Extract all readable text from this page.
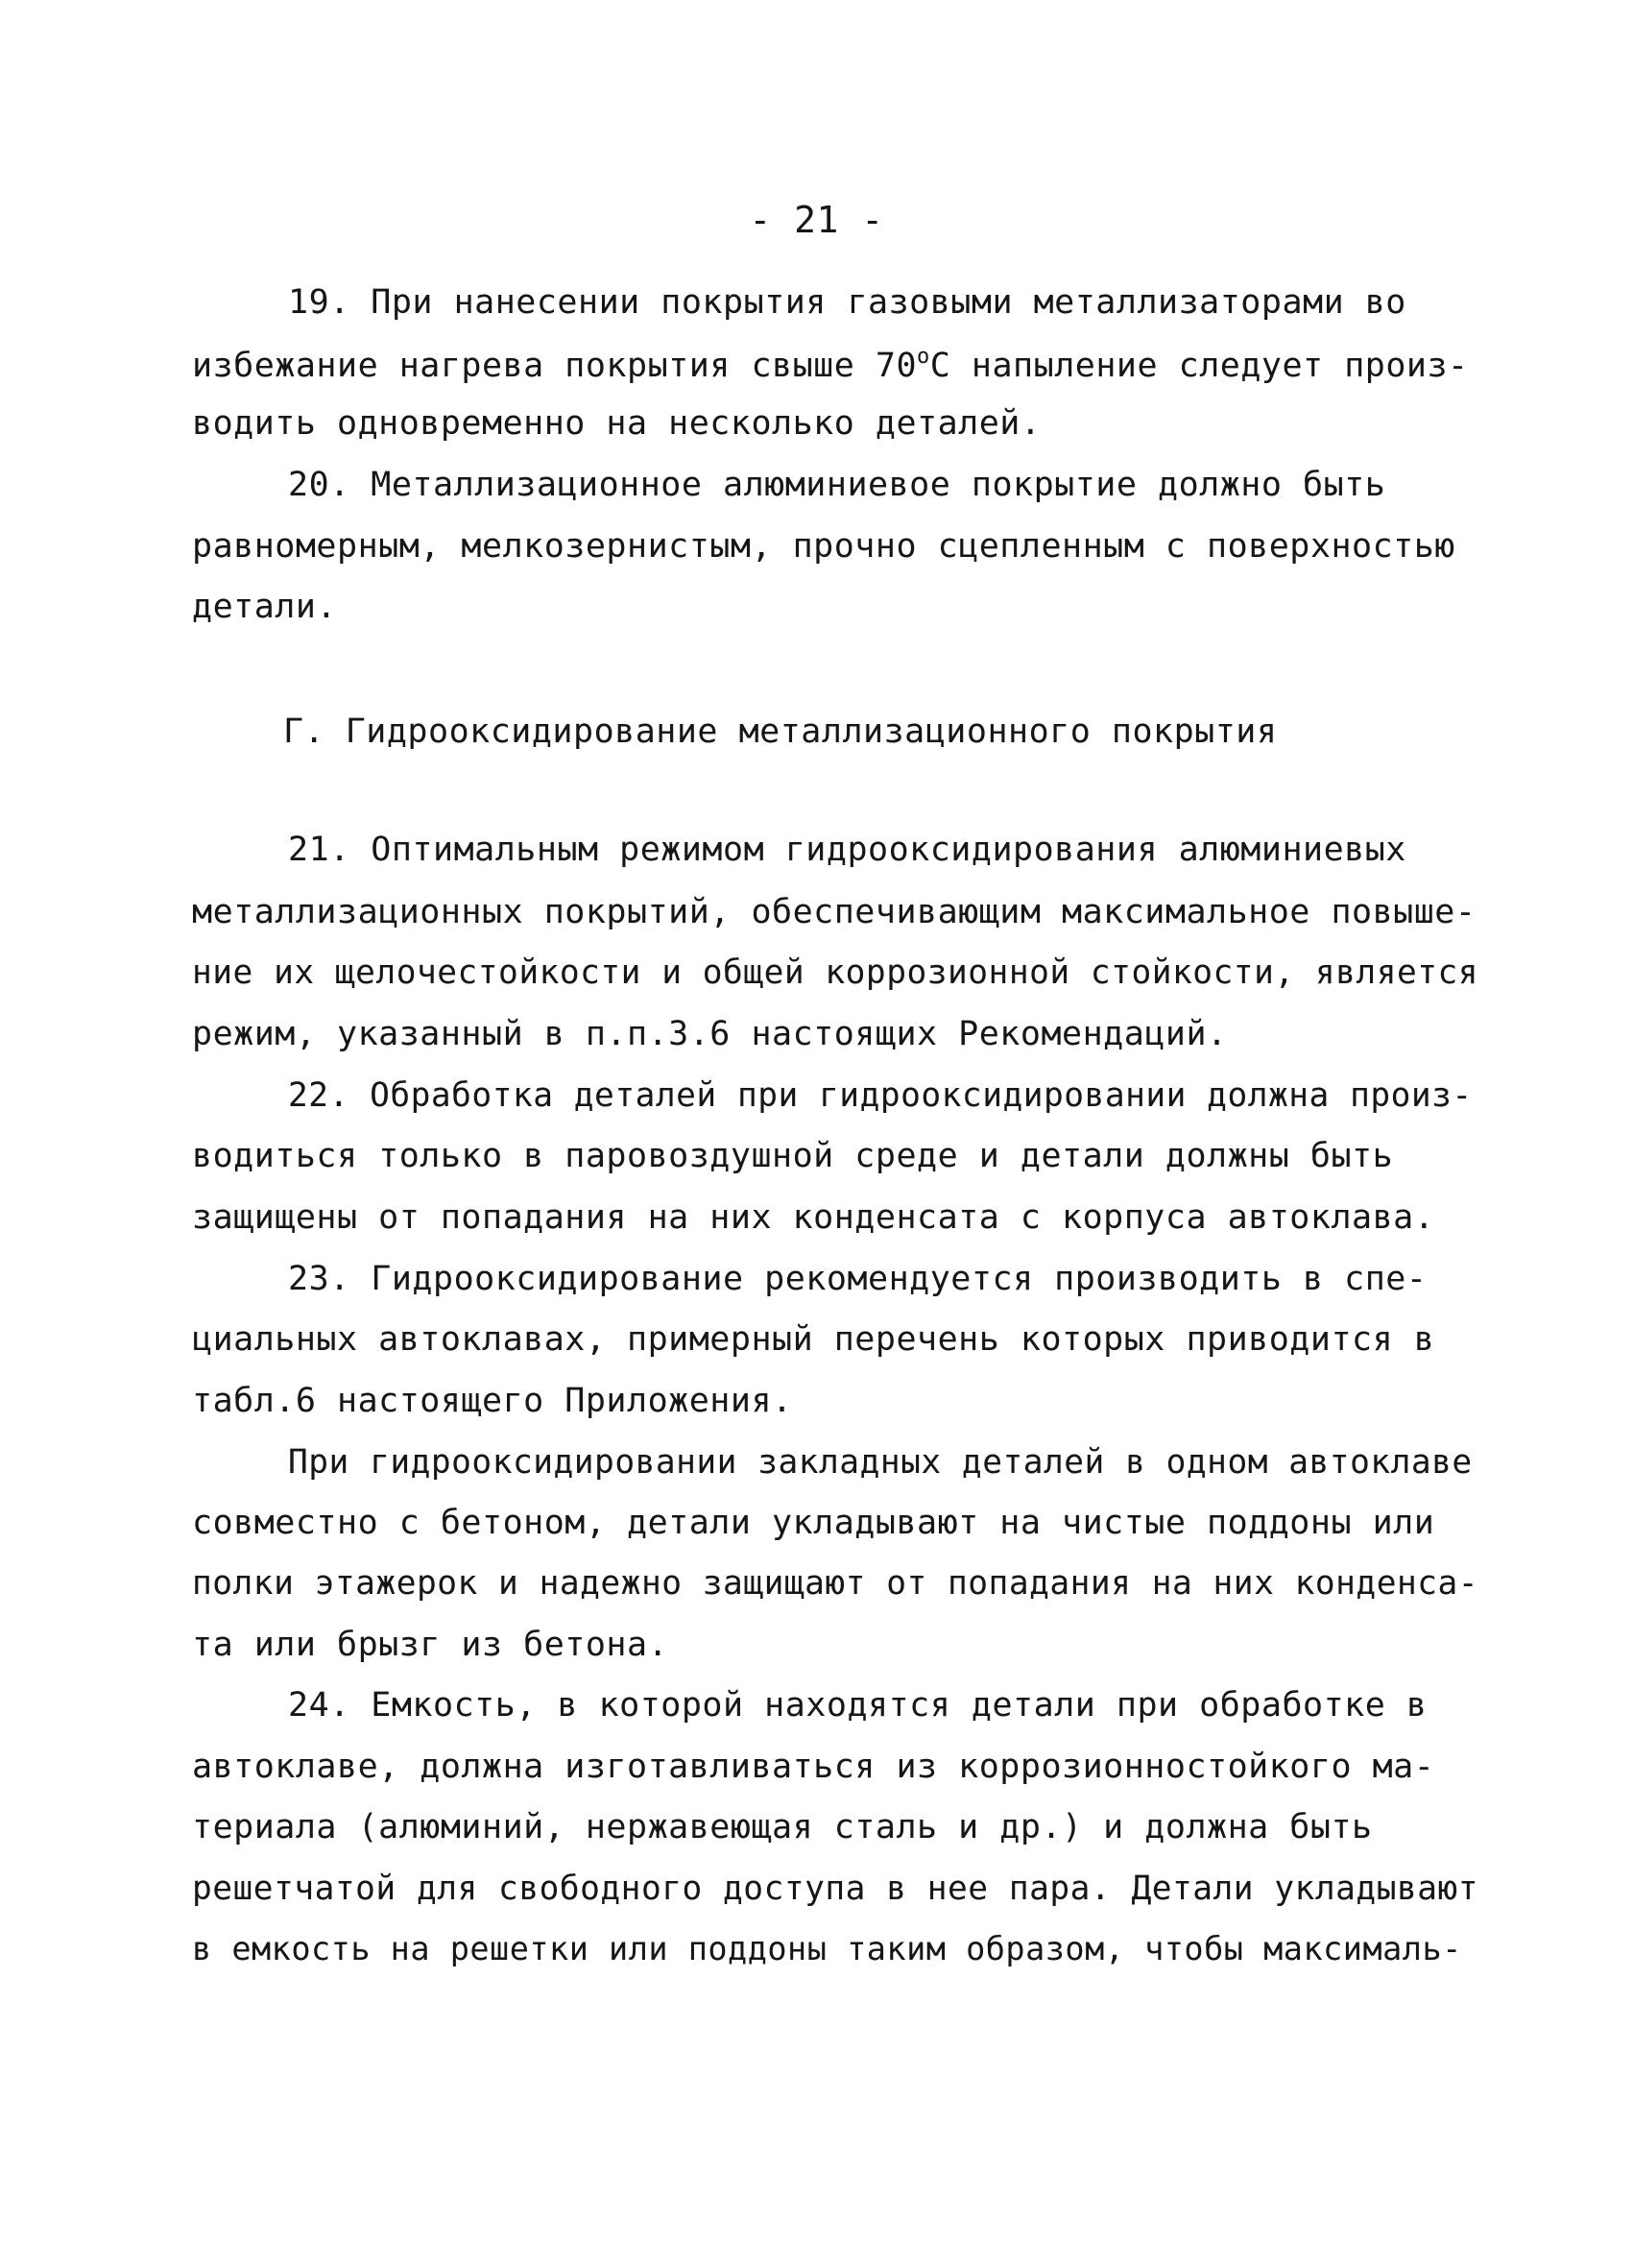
- 21 -
19. При нанесении покрытия газовыми металлизаторами во
избежание нагрева покрытия свыше $70^оС$ напыление следует произ-
водить одновременно на несколько деталей.
20. Металлизационное алюминиевое покрытие должно быть
равномерным, мелкозернистым, прочно сцепленным с поверхностью
детали.
Г. Гидрооксидирование металлизационного покрытия
21. Оптимальным режимом гидрооксидирования алюминиевых
металлизационных покрытий, обеспечивающим максимальное повыше-
ние их щелочестойкости и общей коррозионной стойкости, является
режим, указанный в п.п.3.6 настоящих Рекомендаций.
22. Обработка деталей при гидрооксидировании должна произ-
водиться только в паровоздушной среде и детали должны быть
защищены от попадания на них конденсата с корпуса автоклава.
23. Гидрооксидирование рекомендуется производить в спе-
циальных автоклавах, примерный перечень которых приводится в
табл.6 настоящего Приложения.
При гидрооксидировании закладных деталей в одном автоклаве
совместно с бетоном, детали укладывают на чистые поддоны или
полки этажерок и надежно защищают от попадания на них конденса-
та или брызг из бетона.
24. Емкость, в которой находятся детали при обработке в
автоклаве, должна изготавливаться из коррозионностойкого ма-
териала (алюминий, нержавеющая сталь и др.) и должна быть
решетчатой для свободного доступа в нее пара. Детали укладывают
в емкость на решетки или поддоны таким образом, чтобы максималь-
